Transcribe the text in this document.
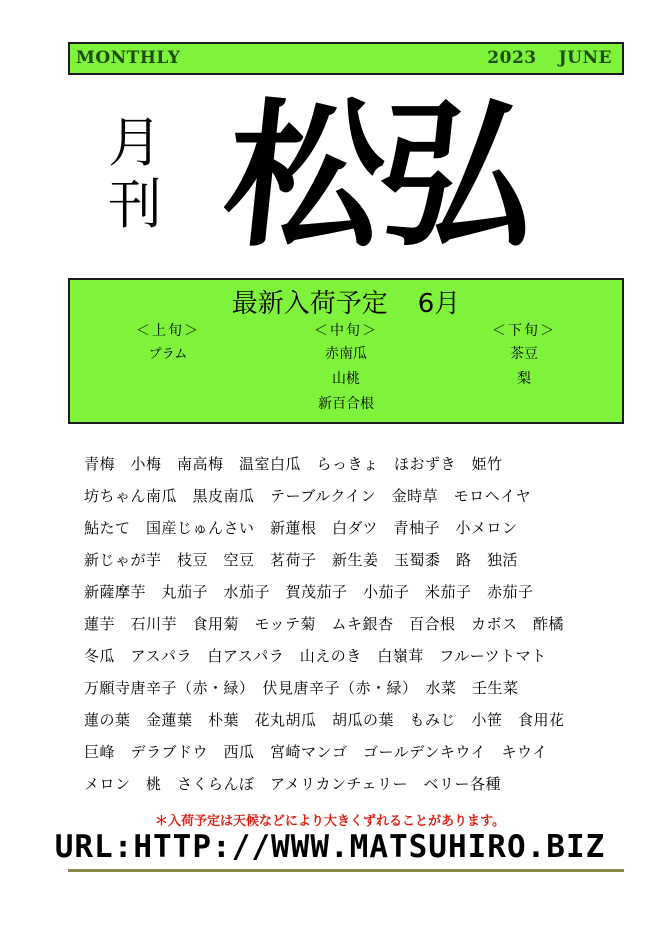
MONTHLY	2023 JUNE
月
刊 松弘
最新入荷予定 6月
＜上旬＞
プラム
＜中旬＞
赤南瓜
山桃
新百合根
＜下旬＞
茶豆
梨
青梅　小梅　南高梅　温室白瓜　らっきょ　ほおずき　姫竹
坊ちゃん南瓜　黒皮南瓜　テーブルクイン　金時草　モロヘイヤ
鮎たて　国産じゅんさい　新蓮根　白ダツ　青柚子　小メロン
新じゃが芋　枝豆　空豆　茗荷子　新生姜　玉蜀黍　路　独活
新薩摩芋　丸茄子　水茄子　賀茂茄子　小茄子　米茄子　赤茄子
蓮芋　石川芋　食用菊　モッテ菊　ムキ銀杏　百合根　カボス　酢橘
冬瓜　アスパラ　白アスパラ　山えのき　白嶺茸　フルーツトマト
万願寺唐辛子（赤・緑）　伏見唐辛子（赤・緑）　水菜　壬生菜
蓮の葉　金蓮葉　朴葉　花丸胡瓜　胡瓜の葉　もみじ　小笹　食用花
巨峰　デラブドウ　西瓜　宮崎マンゴ　ゴールデンキウイ　キウイ
メロン　桃　さくらんぼ　アメリカンチェリー　ベリー各種
＊入荷予定は天候などにより大きくずれることがあります。
URL:HTTP://WWW.MATSUHIRO.BIZ
